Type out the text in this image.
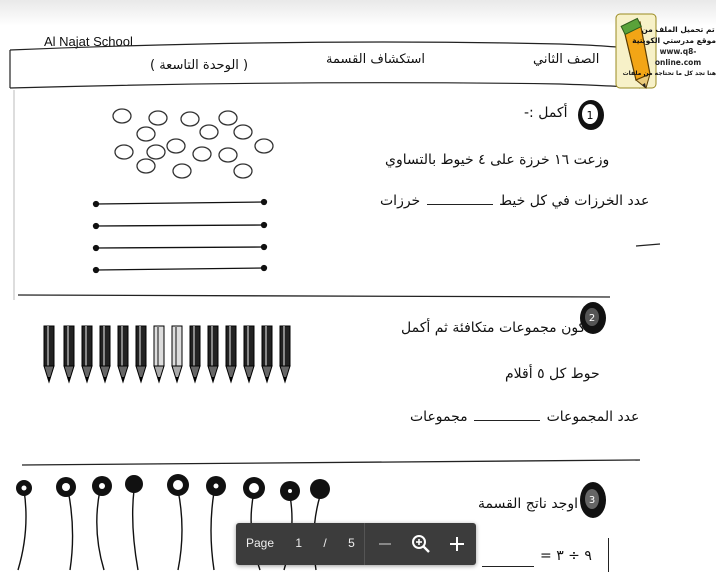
Al Najat School
الصف الثاني
استكشاف القسمة
( الوحدة التاسعة )
تم تحميل الملف من
موقع مدرستي الكويتية
www.q8-online.com
هنا تجد كل ما تحتاجه من ملفات
1
أكمل :-
وزعت ١٦ خرزة على ٤ خيوط بالتساوي
عدد الخرزات في كل خيط  خرزات
2
كون مجموعات متكافئة ثم أكمل
حوط كل ٥ أقلام
عدد المجموعات  مجموعات
3
اوجد ناتج القسمة
٩ ÷ ٣ =
Page 1 / 5
